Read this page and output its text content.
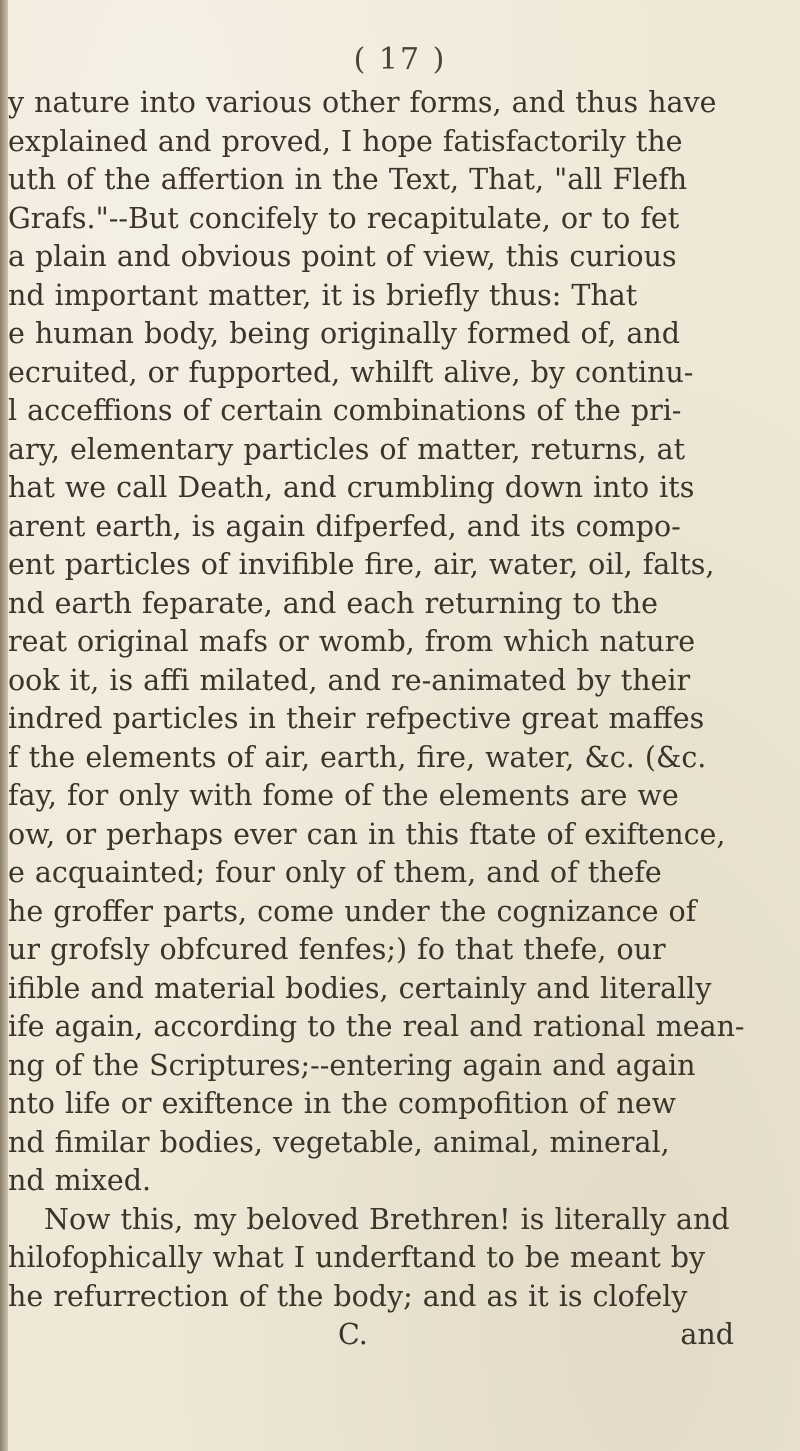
( 17 )
y nature into various other forms, and thus have
explained and proved, I hope fatisfactorily the
uth of the affertion in the Text, That, "all Flefh
Grafs."--But concifely to recapitulate, or to fet
a plain and obvious point of view, this curious
nd important matter, it is briefly thus: That
e human body, being originally formed of, and
ecruited, or fupported, whilft alive, by continu-
l acceffions of certain combinations of the pri-
ary, elementary particles of matter, returns, at
hat we call Death, and crumbling down into its
arent earth, is again difperfed, and its compo-
ent particles of invifible fire, air, water, oil, falts,
nd earth feparate, and each returning to the
reat original mafs or womb, from which nature
ook it, is affi milated, and re-animated by their
indred particles in their refpective great maffes
f the elements of air, earth, fire, water, &c. (&c.
fay, for only with fome of the elements are we
ow, or perhaps ever can in this ftate of exiftence,
e acquainted; four only of them, and of thefe
he groffer parts, come under the cognizance of
ur grofsly obfcured fenfes;) fo that thefe, our
ifible and material bodies, certainly and literally
ife again, according to the real and rational mean-
ng of the Scriptures;--entering again and again
nto life or exiftence in the compofition of new
nd fimilar bodies, vegetable, animal, mineral,
nd mixed.
Now this, my beloved Brethren! is literally and
hilofophically what I underftand to be meant by
he refurrection of the body; and as it is clofely
C.	and
